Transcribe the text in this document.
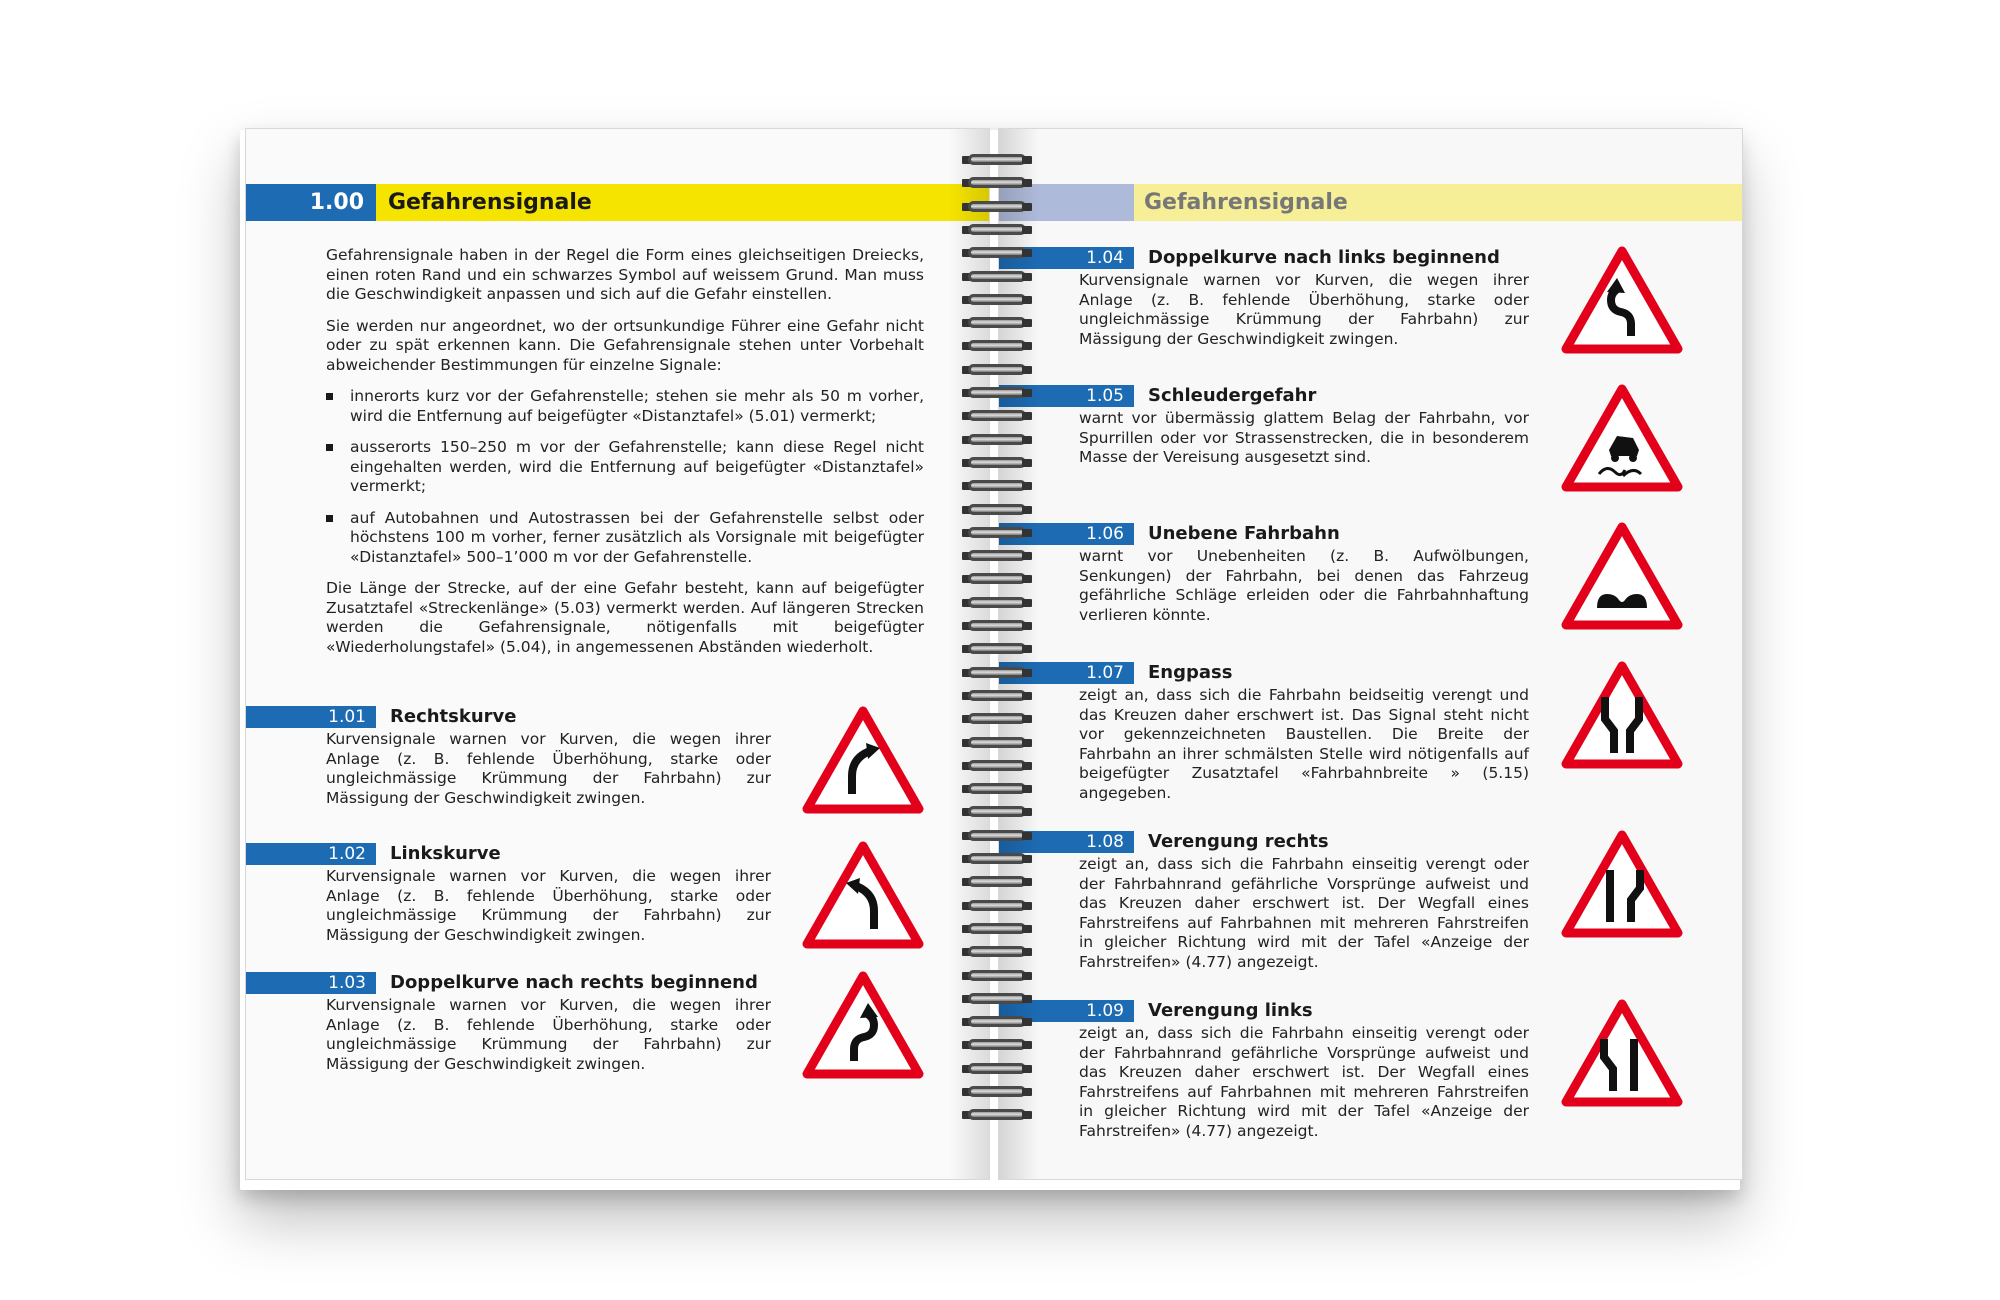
1.00	Gefahrensignale

Gefahrensignale haben in der Regel die Form eines gleichseitigen Dreiecks, einen roten Rand und ein schwarzes Symbol auf weissem Grund. Man muss die Geschwindigkeit anpassen und sich auf die Gefahr einstellen.

Sie werden nur angeordnet, wo der ortsunkundige Führer eine Gefahr nicht oder zu spät erkennen kann. Die Gefahrensignale stehen unter Vorbehalt abweichender Bestimmungen für einzelne Signale:

innerorts kurz vor der Gefahrenstelle; stehen sie mehr als 50 m vorher, wird die Entfernung auf beigefügter «Distanztafel» (5.01) vermerkt;
ausserorts 150–250 m vor der Gefahrenstelle; kann diese Regel nicht eingehalten werden, wird die Entfernung auf beigefügter «Distanztafel» vermerkt;
auf Autobahnen und Autostrassen bei der Gefahrenstelle selbst oder höchstens 100 m vorher, ferner zusätzlich als Vorsignale mit beigefügter «Distanztafel» 500–1’000 m vor der Gefahrenstelle.

Die Länge der Strecke, auf der eine Gefahr besteht, kann auf beigefügter Zusatztafel «Streckenlänge» (5.03) vermerkt werden. Auf längeren Strecken werden die Gefahrensignale, nötigenfalls mit beigefügter «Wiederholungstafel» (5.04), in angemessenen Abständen wiederholt.

1.01	Rechtskurve
Kurvensignale warnen vor Kurven, die wegen ihrer Anlage (z. B. fehlende Überhöhung, starke oder ungleichmässige Krümmung der Fahrbahn) zur Mässigung der Geschwindigkeit zwingen.
1.02	Linkskurve
Kurvensignale warnen vor Kurven, die wegen ihrer Anlage (z. B. fehlende Überhöhung, starke oder ungleichmässige Krümmung der Fahrbahn) zur Mässigung der Geschwindigkeit zwingen.
1.03	Doppelkurve nach rechts beginnend
Kurvensignale warnen vor Kurven, die wegen ihrer Anlage (z. B. fehlende Überhöhung, starke oder ungleichmässige Krümmung der Fahrbahn) zur Mässigung der Geschwindigkeit zwingen.
Gefahrensignale
1.04	Doppelkurve nach links beginnend
Kurvensignale warnen vor Kurven, die wegen ihrer Anlage (z. B. fehlende Überhöhung, starke oder ungleichmässige Krümmung der Fahrbahn) zur Mässigung der Geschwindigkeit zwingen.
1.05	Schleudergefahr
warnt vor übermässig glattem Belag der Fahrbahn, vor Spurrillen oder vor Strassenstrecken, die in besonderem Masse der Vereisung ausgesetzt sind.
1.06	Unebene Fahrbahn
warnt vor Unebenheiten (z. B. Aufwölbungen, Senkungen) der Fahrbahn, bei denen das Fahrzeug gefährliche Schläge erleiden oder die Fahrbahnhaftung verlieren könnte.
1.07	Engpass
zeigt an, dass sich die Fahrbahn beidseitig verengt und das Kreuzen daher erschwert ist. Das Signal steht nicht vor gekennzeichneten Baustellen. Die Breite der Fahrbahn an ihrer schmälsten Stelle wird nötigenfalls auf beigefügter Zusatztafel «Fahrbahnbreite » (5.15) angegeben.
1.08	Verengung rechts
zeigt an, dass sich die Fahrbahn einseitig verengt oder der Fahrbahnrand gefährliche Vorsprünge aufweist und das Kreuzen daher erschwert ist. Der Wegfall eines Fahrstreifens auf Fahrbahnen mit mehreren Fahrstreifen in gleicher Richtung wird mit der Tafel «Anzeige der Fahrstreifen» (4.77) angezeigt.
1.09	Verengung links
zeigt an, dass sich die Fahrbahn einseitig verengt oder der Fahrbahnrand gefährliche Vorsprünge aufweist und das Kreuzen daher erschwert ist. Der Wegfall eines Fahrstreifens auf Fahrbahnen mit mehreren Fahrstreifen in gleicher Richtung wird mit der Tafel «Anzeige der Fahrstreifen» (4.77) angezeigt.
